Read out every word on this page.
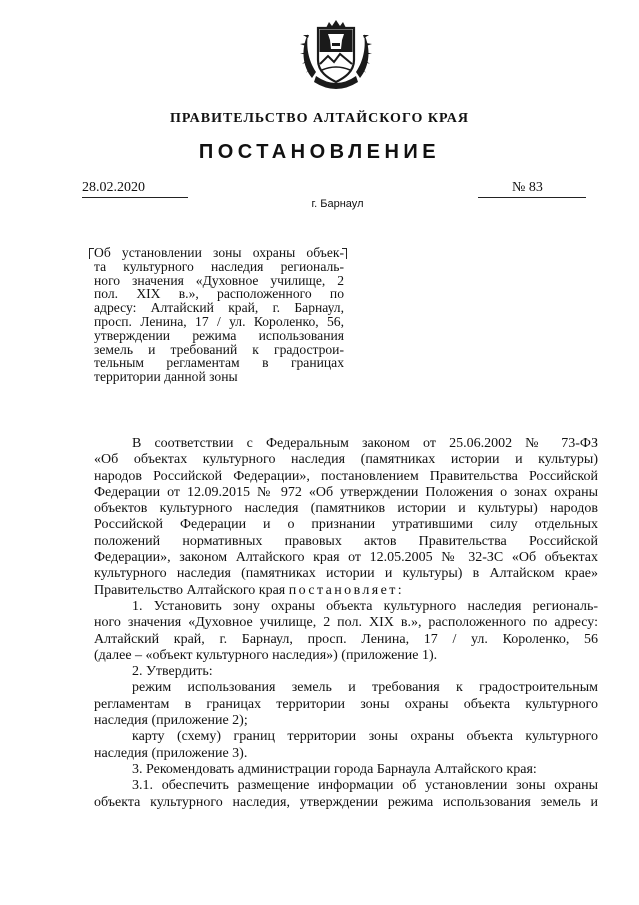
ПРАВИТЕЛЬСТВО АЛТАЙСКОГО КРАЯ
ПОСТАНОВЛЕНИЕ
28.02.2020	№ 83
г. Барнаул
Об установлении зоны охраны объек-
та культурного наследия региональ-
ного значения «Духовное училище, 2
пол. XIX в.», расположенного по
адресу: Алтайский край, г. Барнаул,
просп. Ленина, 17 / ул. Короленко, 56,
утверждении режима использования
земель и требований к градострои-
тельным регламентам в границах
территории данной зоны
В соответствии с Федеральным законом от 25.06.2002 № 73-ФЗ
«Об объектах культурного наследия (памятниках истории и культуры)
народов Российской Федерации», постановлением Правительства Российской
Федерации от 12.09.2015 № 972 «Об утверждении Положения о зонах охраны
объектов культурного наследия (памятников истории и культуры) народов
Российской Федерации и о признании утратившими силу отдельных
положений нормативных правовых актов Правительства Российской
Федерации», законом Алтайского края от 12.05.2005 № 32-ЗС «Об объектах
культурного наследия (памятниках истории и культуры) в Алтайском крае»
Правительство Алтайского края постановляет:
1. Установить зону охраны объекта культурного наследия региональ-
ного значения «Духовное училище, 2 пол. XIX в.», расположенного по адресу:
Алтайский край, г. Барнаул, просп. Ленина, 17 / ул. Короленко, 56
(далее – «объект культурного наследия») (приложение 1).
2. Утвердить:
режим использования земель и требования к градостроительным
регламентам в границах территории зоны охраны объекта культурного
наследия (приложение 2);
карту (схему) границ территории зоны охраны объекта культурного
наследия (приложение 3).
3. Рекомендовать администрации города Барнаула Алтайского края:
3.1. обеспечить размещение информации об установлении зоны охраны
объекта культурного наследия, утверждении режима использования земель и
